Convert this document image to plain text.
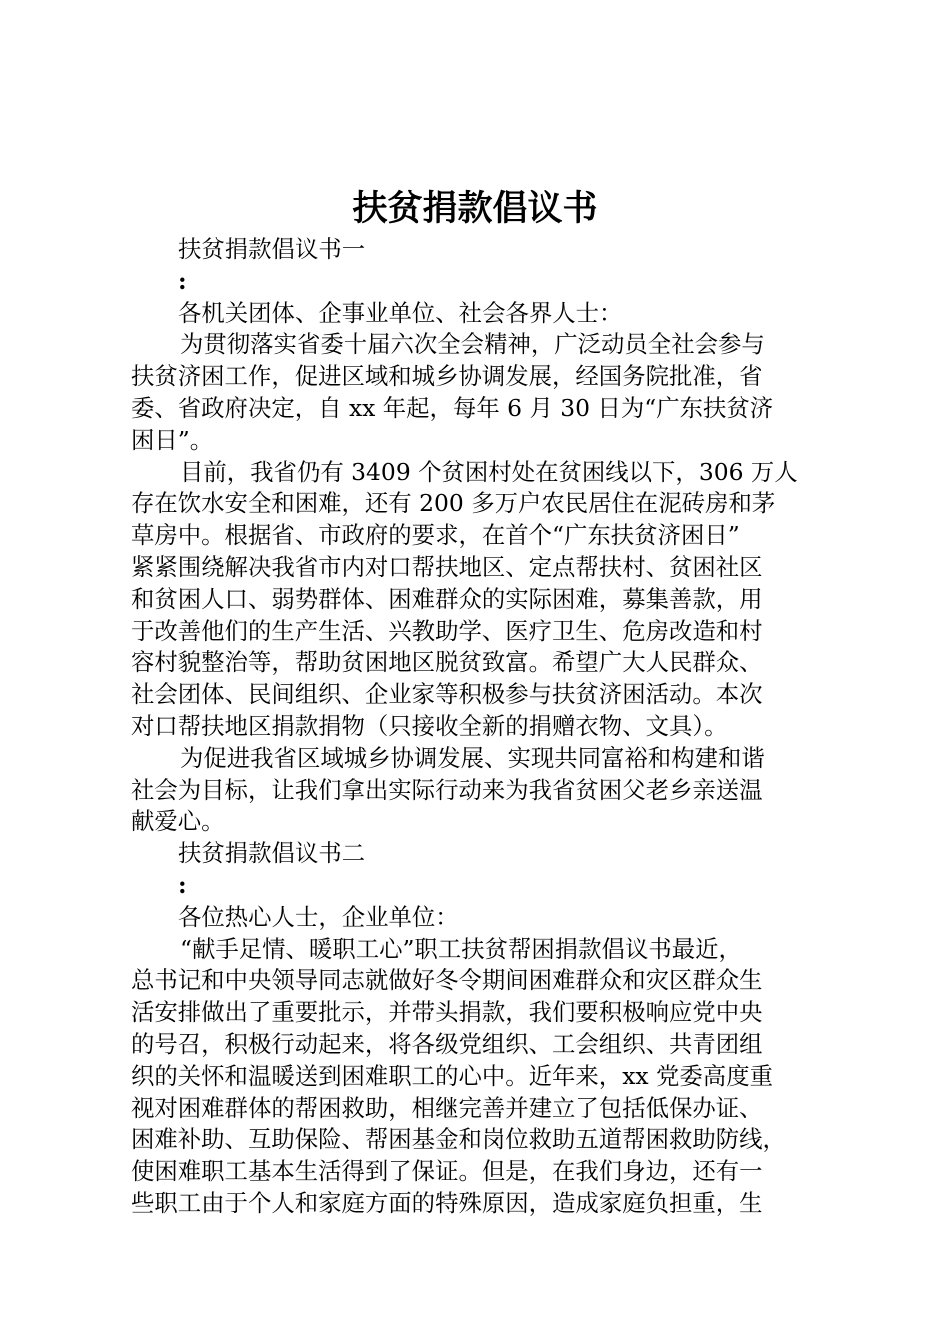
扶贫捐款倡议书
扶贫捐款倡议书一
:
各机关团体、企事业单位、社会各界人士：
为贯彻落实省委十届六次全会精神，广泛动员全社会参与
扶贫济困工作，促进区域和城乡协调发展，经国务院批准，省
委、省政府决定，自 xx 年起，每年 6 月 30 日为“广东扶贫济
困日”。
目前，我省仍有 3409 个贫困村处在贫困线以下，306 万人
存在饮水安全和困难，还有 200 多万户农民居住在泥砖房和茅
草房中。根据省、市政府的要求，在首个“广东扶贫济困日”
紧紧围绕解决我省市内对口帮扶地区、定点帮扶村、贫困社区
和贫困人口、弱势群体、困难群众的实际困难，募集善款，用
于改善他们的生产生活、兴教助学、医疗卫生、危房改造和村
容村貌整治等，帮助贫困地区脱贫致富。希望广大人民群众、
社会团体、民间组织、企业家等积极参与扶贫济困活动。本次
对口帮扶地区捐款捐物（只接收全新的捐赠衣物、文具）。
为促进我省区域城乡协调发展、实现共同富裕和构建和谐
社会为目标，让我们拿出实际行动来为我省贫困父老乡亲送温
献爱心。
扶贫捐款倡议书二
:
各位热心人士，企业单位：
“献手足情、暖职工心”职工扶贫帮困捐款倡议书最近，
总书记和中央领导同志就做好冬令期间困难群众和灾区群众生
活安排做出了重要批示，并带头捐款，我们要积极响应党中央
的号召，积极行动起来，将各级党组织、工会组织、共青团组
织的关怀和温暖送到困难职工的心中。近年来，xx 党委高度重
视对困难群体的帮困救助，相继完善并建立了包括低保办证、
困难补助、互助保险、帮困基金和岗位救助五道帮困救助防线，
使困难职工基本生活得到了保证。但是，在我们身边，还有一
些职工由于个人和家庭方面的特殊原因，造成家庭负担重，生
